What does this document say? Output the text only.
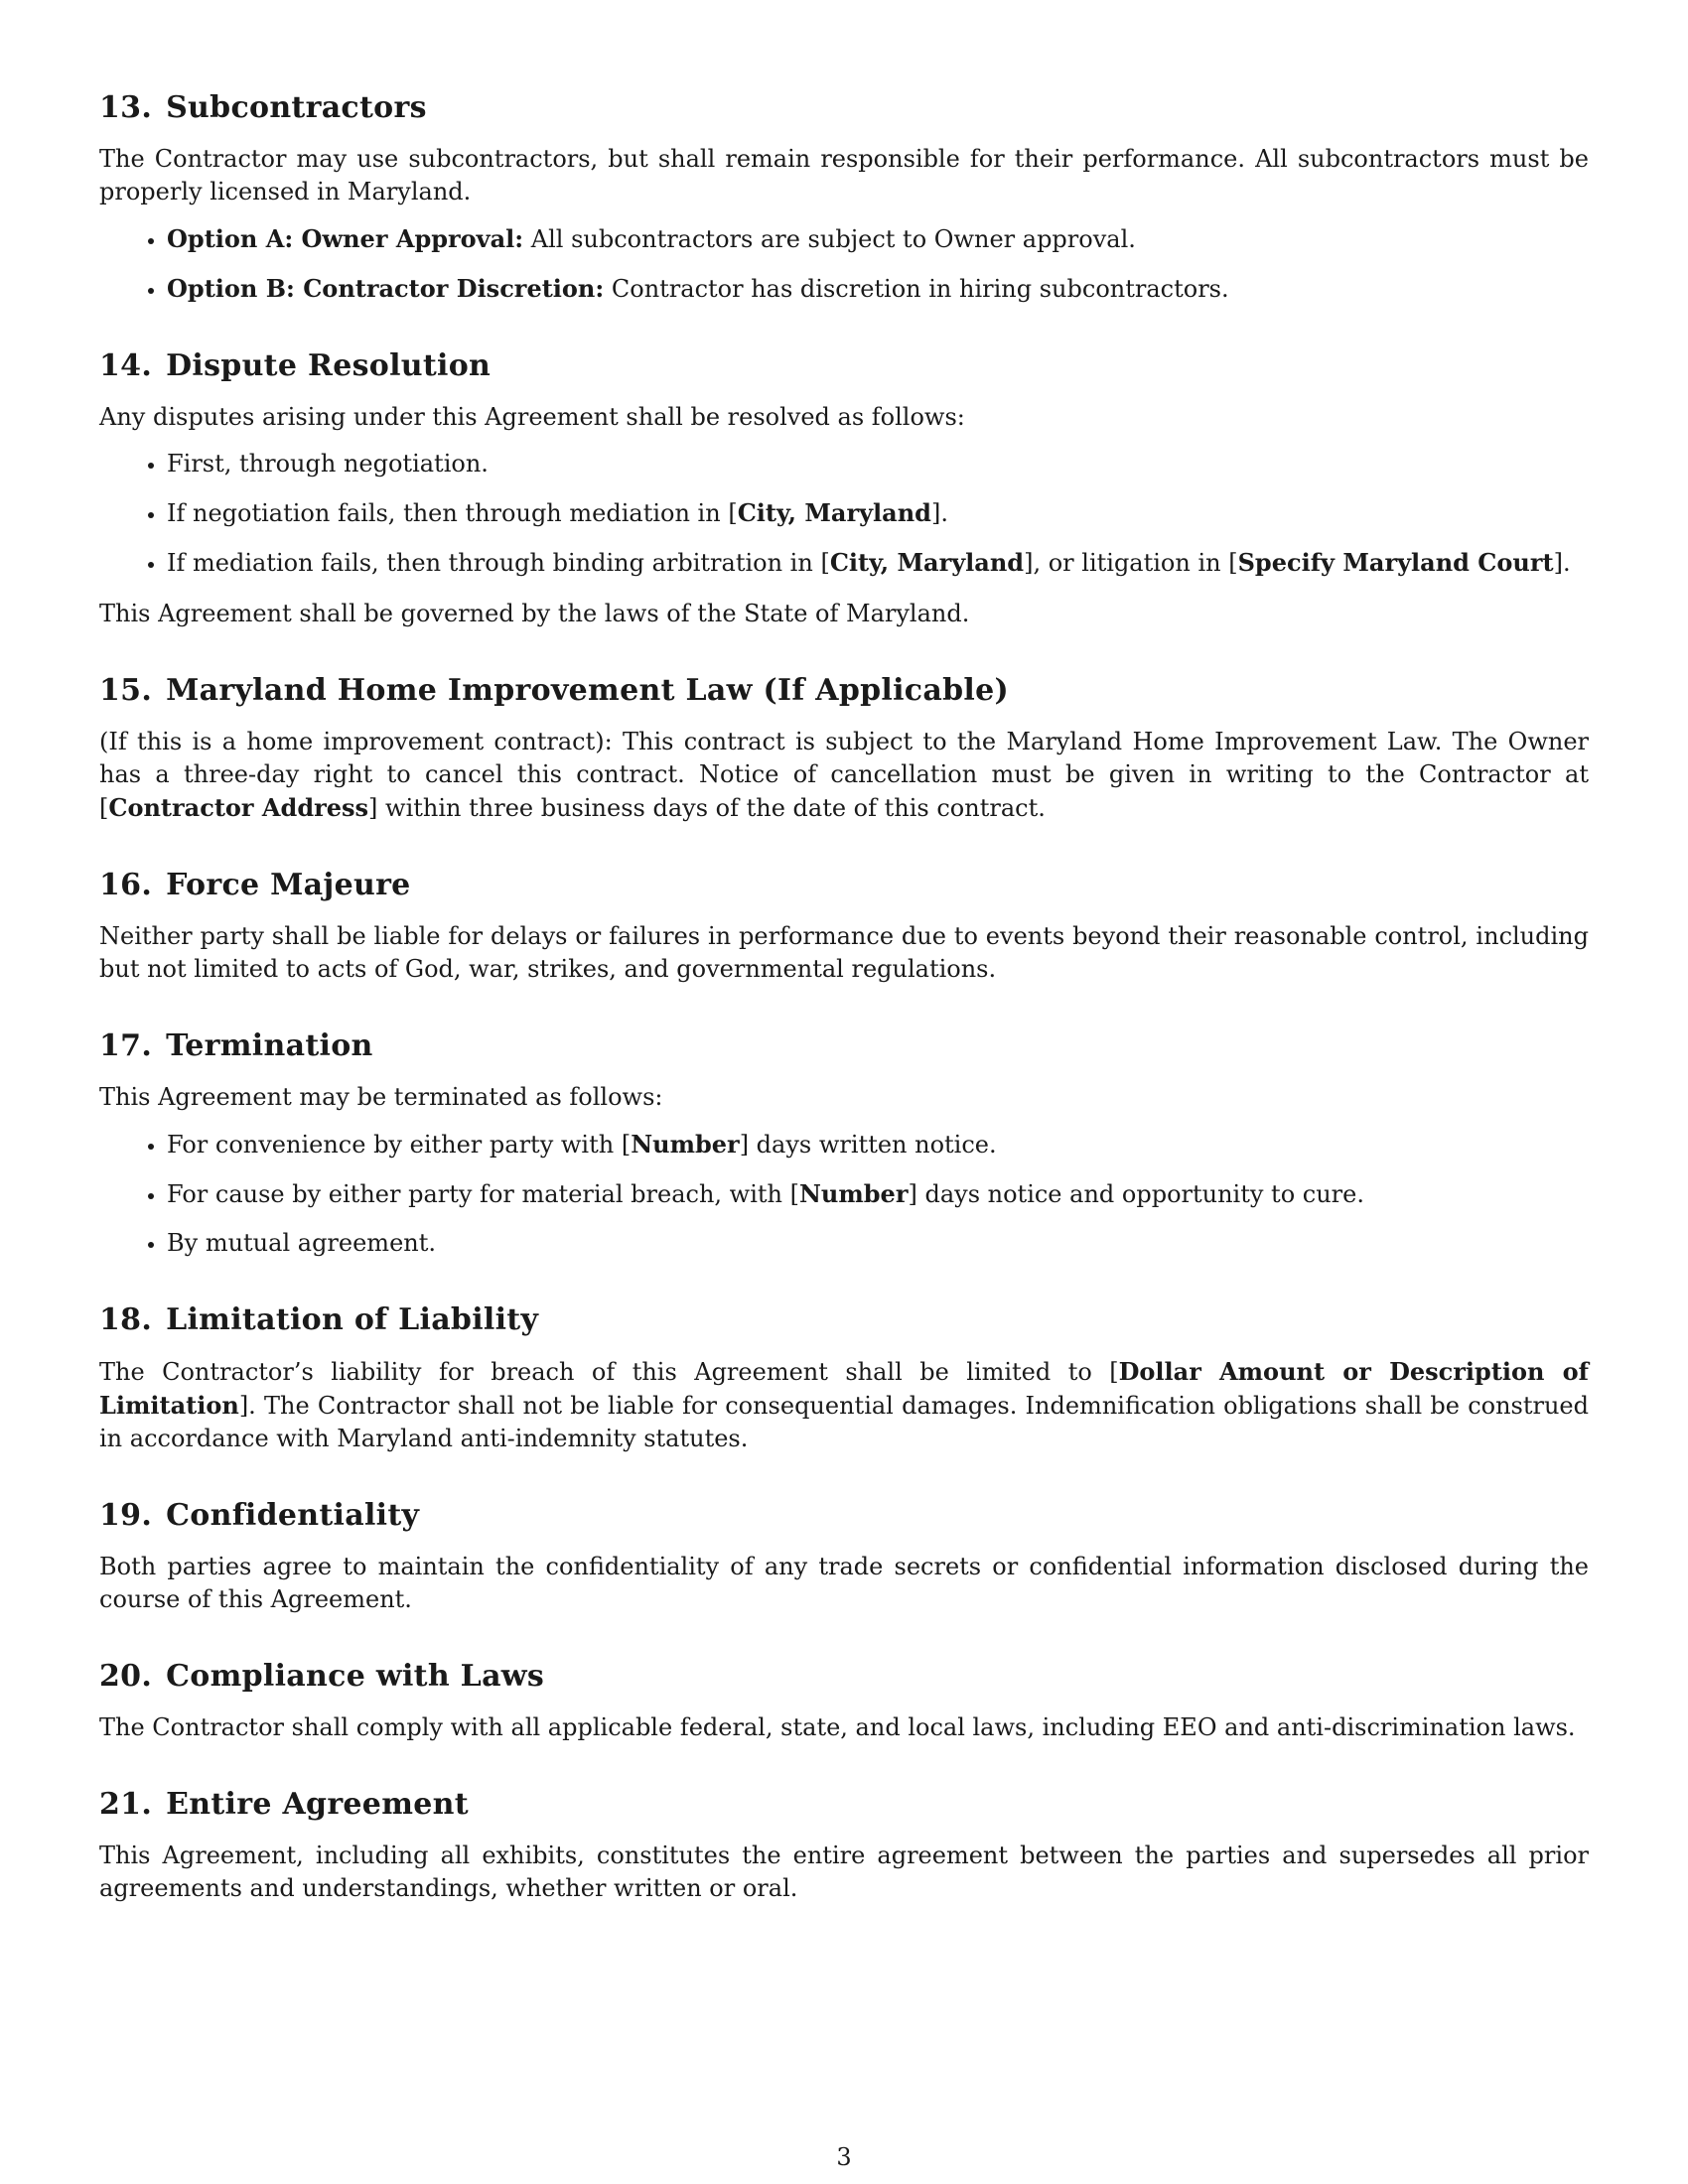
13. Subcontractors

The Contractor may use subcontractors, but shall remain responsible for their performance. All subcontractors must be properly licensed in Maryland.

• Option A: Owner Approval: All subcontractors are subject to Owner approval.
• Option B: Contractor Discretion: Contractor has discretion in hiring subcontractors.
14. Dispute Resolution

Any disputes arising under this Agreement shall be resolved as follows:

• First, through negotiation.
• If negotiation fails, then through mediation in [City, Maryland].
• If mediation fails, then through binding arbitration in [City, Maryland], or litigation in [Specify Maryland Court].

This Agreement shall be governed by the laws of the State of Maryland.

15. Maryland Home Improvement Law (If Applicable)

(If this is a home improvement contract): This contract is subject to the Maryland Home Improvement Law. The Owner has a three-day right to cancel this contract. Notice of cancellation must be given in writing to the Contractor at [Contractor Address] within three business days of the date of this contract.

16. Force Majeure

Neither party shall be liable for delays or failures in performance due to events beyond their reasonable control, including but not limited to acts of God, war, strikes, and governmental regulations.

17. Termination

This Agreement may be terminated as follows:

• For convenience by either party with [Number] days written notice.
• For cause by either party for material breach, with [Number] days notice and opportunity to cure.
• By mutual agreement.
18. Limitation of Liability

The Contractor’s liability for breach of this Agreement shall be limited to [Dollar Amount or Description of Limitation]. The Contractor shall not be liable for consequential damages. Indemnification obligations shall be construed in accordance with Maryland anti-indemnity statutes.

19. Confidentiality

Both parties agree to maintain the confidentiality of any trade secrets or confidential information disclosed during the course of this Agreement.

20. Compliance with Laws

The Contractor shall comply with all applicable federal, state, and local laws, including EEO and anti-discrimination laws.

21. Entire Agreement

This Agreement, including all exhibits, constitutes the entire agreement between the parties and supersedes all prior agreements and understandings, whether written or oral.

3
